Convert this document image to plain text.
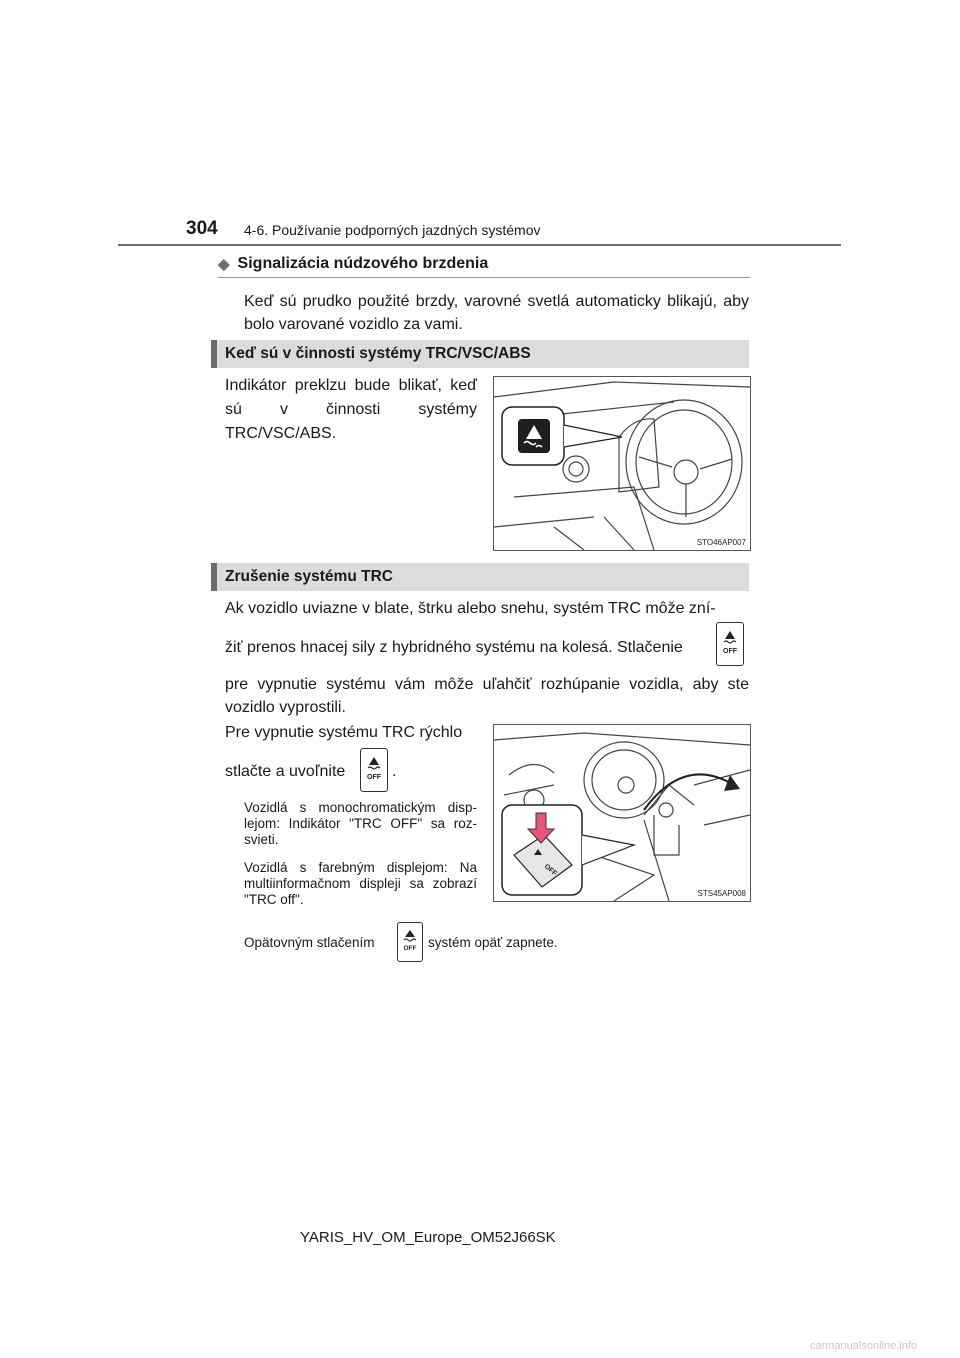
304 4-6. Používanie podporných jazdných systémov
◆ Signalizácia núdzového brzdenia
Keď sú prudko použité brzdy, varovné svetlá automaticky blikajú, aby bolo varované vozidlo za vami.
Keď sú v činnosti systémy TRC/VSC/ABS
Indikátor preklzu bude blikať, keď sú v činnosti systémy TRC/VSC/ABS.
STO46AP007
Zrušenie systému TRC
Ak vozidlo uviazne v blate, štrku alebo snehu, systém TRC môže zní-
žiť prenos hnacej sily z hybridného systému na kolesá. Stlačenie	OFF
pre vypnutie systému vám môže uľahčiť rozhúpanie vozidla, aby ste vozidlo vyprostili.
Pre vypnutie systému TRC rýchlo
stlačte a uvoľnite	OFF .
Vozidlá s monochromatickým displejom: Indikátor "TRC OFF" sa rozsvieti.
Vozidlá s farebným displejom: Na multiinformačnom displeji sa zobrazí "TRC off".
OFF
STS45AP008
Opätovným stlačením	OFF systém opäť zapnete.
YARIS_HV_OM_Europe_OM52J66SK
carmanualsonline.info
